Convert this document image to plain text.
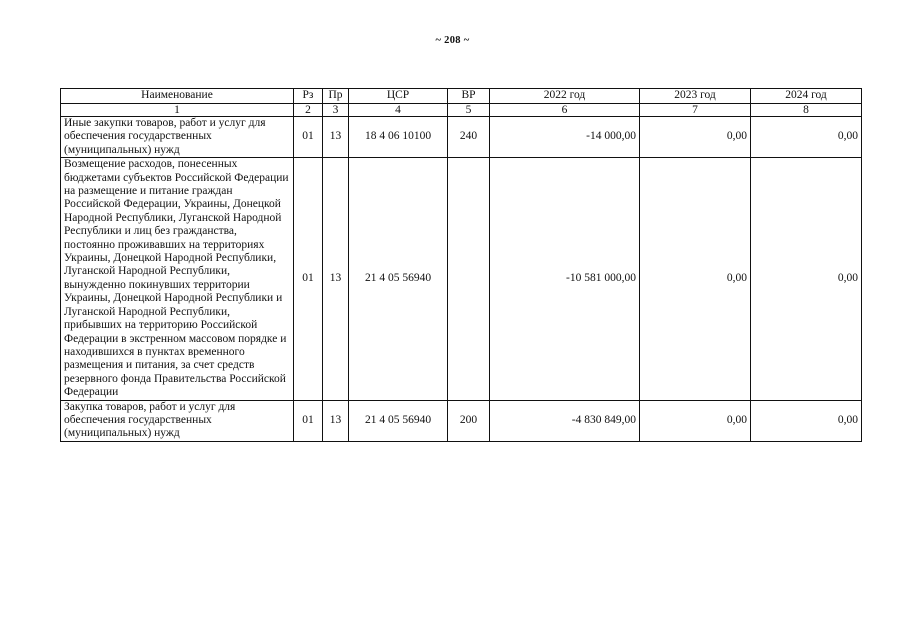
~ 208 ~
Наименование	Рз	Пр	ЦСР	ВР	2022 год	2023 год	2024 год
1	2	3	4	5	6	7	8
Иные закупки товаров, работ и услуг для обеспечения государственных (муниципальных) нужд	01	13	18 4 06 10100	240	-14 000,00	0,00	0,00
Возмещение расходов, понесенных бюджетами субъектов Российской Федерации на размещение и питание граждан Российской Федерации, Украины, Донецкой Народной Республики, Луганской Народной Республики и лиц без гражданства, постоянно проживавших на территориях Украины, Донецкой Народной Республики, Луганской Народной Республики, вынужденно покинувших территории Украины, Донецкой Народной Республики и Луганской Народной Республики, прибывших на территорию Российской Федерации в экстренном массовом порядке и находившихся в пунктах временного размещения и питания, за счет средств резервного фонда Правительства Российской Федерации	01	13	21 4 05 56940		-10 581 000,00	0,00	0,00
Закупка товаров, работ и услуг для обеспечения государственных (муниципальных) нужд	01	13	21 4 05 56940	200	-4 830 849,00	0,00	0,00
